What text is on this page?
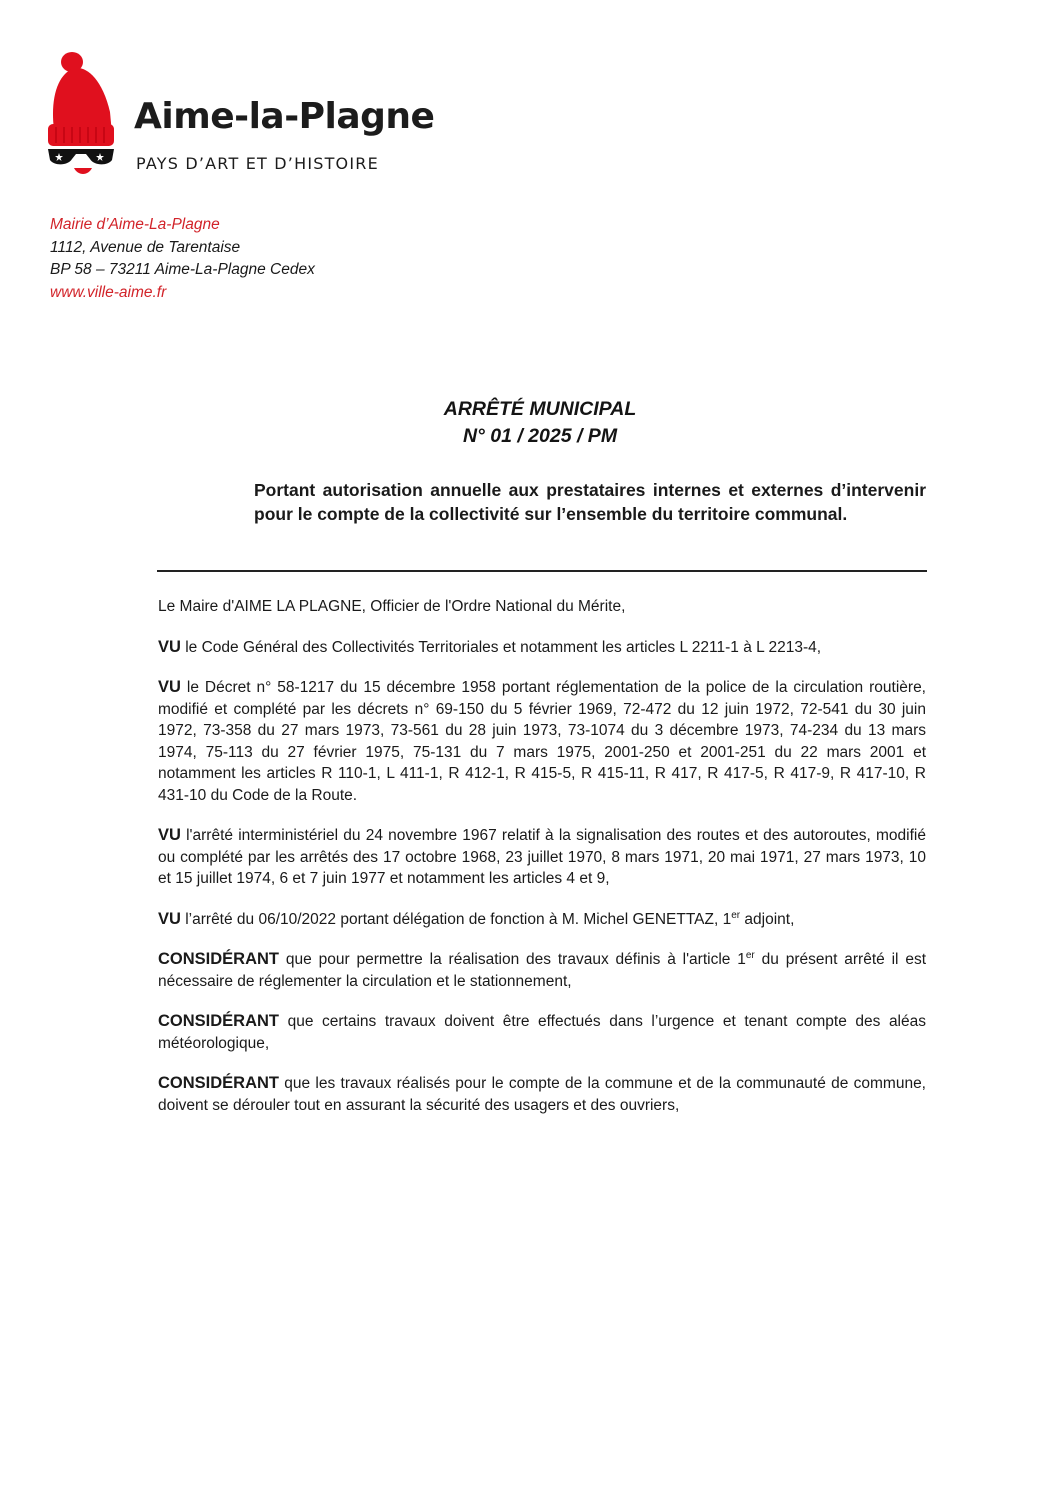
Aime-la-Plagne
PAYS D’ART ET D’HISTOIRE
Mairie d’Aime-La-Plagne
1112, Avenue de Tarentaise
BP 58 – 73211 Aime-La-Plagne Cedex
www.ville-aime.fr
ARRÊTÉ MUNICIPAL
N° 01 / 2025 / PM
Portant autorisation annuelle aux prestataires internes et externes d’intervenir pour le compte de la collectivité sur l’ensemble du territoire communal.

Le Maire d'AIME LA PLAGNE, Officier de l'Ordre National du Mérite,

VU le Code Général des Collectivités Territoriales et notamment les articles L 2211-1 à L 2213-4,

VU le Décret n° 58-1217 du 15 décembre 1958 portant réglementation de la police de la circulation routière, modifié et complété par les décrets n° 69-150 du 5 février 1969, 72-472 du 12 juin 1972, 72-541 du 30 juin 1972, 73-358 du 27 mars 1973, 73-561 du 28 juin 1973, 73-1074 du 3 décembre 1973, 74-234 du 13 mars 1974, 75-113 du 27 février 1975, 75-131 du 7 mars 1975, 2001-250 et 2001-251 du 22 mars 2001 et notamment les articles R 110-1, L 411-1, R 412-1, R 415-5, R 415-11, R 417, R 417-5, R 417-9, R 417-10, R 431-10 du Code de la Route.

VU l'arrêté interministériel du 24 novembre 1967 relatif à la signalisation des routes et des autoroutes, modifié ou complété par les arrêtés des 17 octobre 1968, 23 juillet 1970, 8 mars 1971, 20 mai 1971, 27 mars 1973, 10 et 15 juillet 1974, 6 et 7 juin 1977 et notamment les articles 4 et 9,

VU l’arrêté du 06/10/2022 portant délégation de fonction à M. Michel GENETTAZ, 1er adjoint,

CONSIDÉRANT que pour permettre la réalisation des travaux définis à l'article 1er du présent arrêté il est nécessaire de réglementer la circulation et le stationnement,

CONSIDÉRANT que certains travaux doivent être effectués dans l’urgence et tenant compte des aléas météorologique,

CONSIDÉRANT que les travaux réalisés pour le compte de la commune et de la communauté de commune, doivent se dérouler tout en assurant la sécurité des usagers et des ouvriers,
